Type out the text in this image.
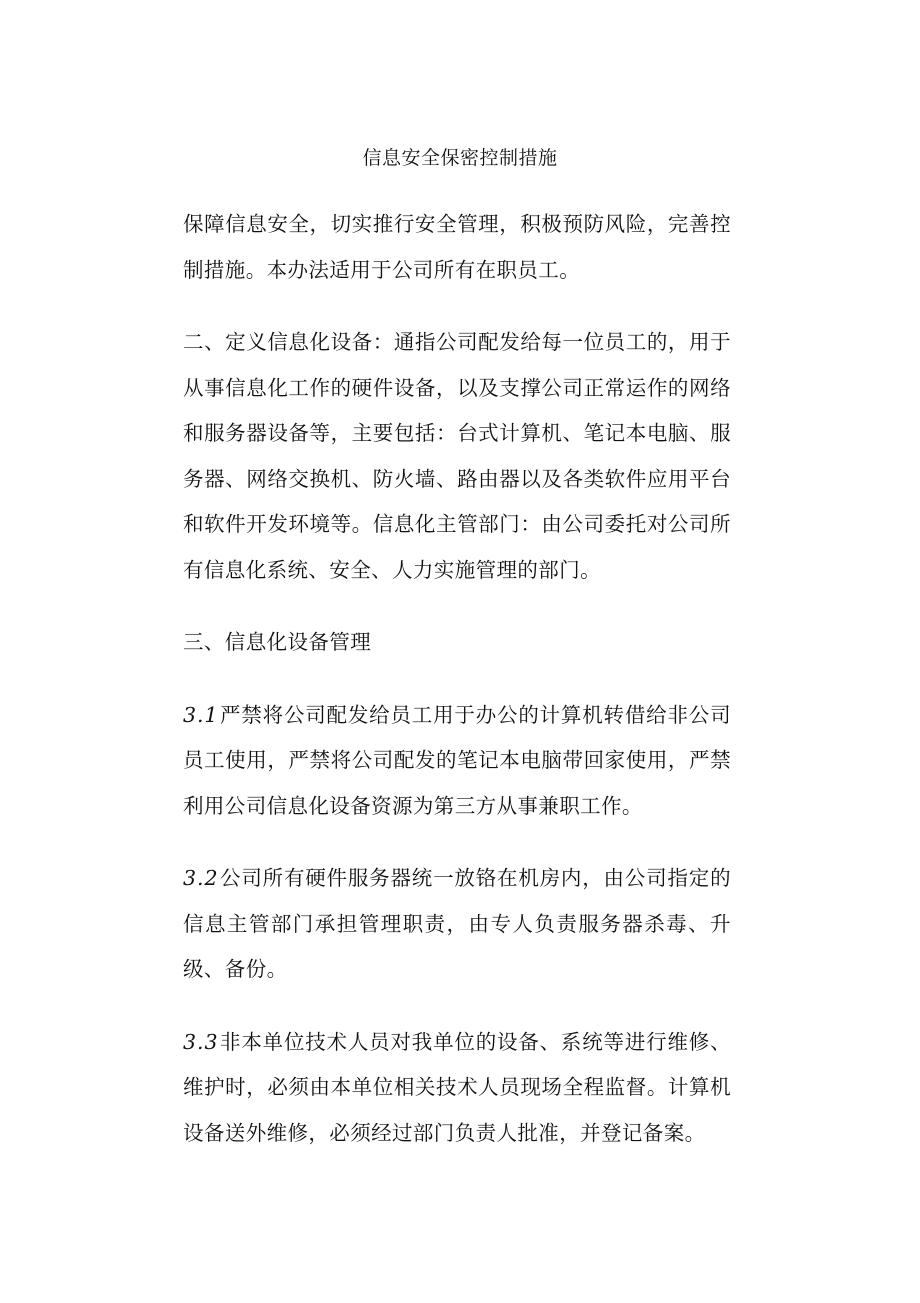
信息安全保密控制措施

保障信息安全，切实推行安全管理，积极预防风险，完善控制措施。本办法适用于公司所有在职员工。

二、定义信息化设备：通指公司配发给每一位员工的，用于从事信息化工作的硬件设备，以及支撑公司正常运作的网络和服务器设备等，主要包括：台式计算机、笔记本电脑、服务器、网络交换机、防火墙、路由器以及各类软件应用平台和软件开发环境等。信息化主管部门：由公司委托对公司所有信息化系统、安全、人力实施管理的部门。

三、信息化设备管理

3.1严禁将公司配发给员工用于办公的计算机转借给非公司员工使用，严禁将公司配发的笔记本电脑带回家使用，严禁利用公司信息化设备资源为第三方从事兼职工作。

3.2公司所有硬件服务器统一放铬在机房内，由公司指定的信息主管部门承担管理职责，由专人负责服务器杀毒、升级、备份。

3.3非本单位技术人员对我单位的设备、系统等进行维修、维护时，必须由本单位相关技术人员现场全程监督。计算机设备送外维修，必须经过部门负责人批准，并登记备案。
